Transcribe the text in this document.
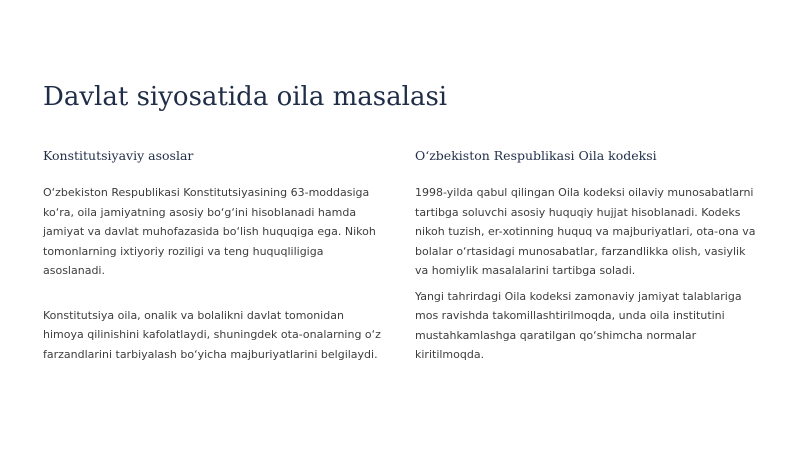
Davlat siyosatida oila masalasi
Konstitutsiyaviy asoslar

O‘zbekiston Respublikasi Konstitutsiyasining 63-moddasiga ko‘ra, oila jamiyatning asosiy bo‘g‘ini hisoblanadi hamda jamiyat va davlat muhofazasida bo‘lish huquqiga ega. Nikoh tomonlarning ixtiyoriy roziligi va teng huquqliligiga asoslanadi.

Konstitutsiya oila, onalik va bolalikni davlat tomonidan himoya qilinishini kafolatlaydi, shuningdek ota-onalarning o‘z farzandlarini tarbiyalash bo‘yicha majburiyatlarini belgilaydi.

O‘zbekiston Respublikasi Oila kodeksi

1998-yilda qabul qilingan Oila kodeksi oilaviy munosabatlarni tartibga soluvchi asosiy huquqiy hujjat hisoblanadi. Kodeks nikoh tuzish, er-xotinning huquq va majburiyatlari, ota-ona va bolalar o‘rtasidagi munosabatlar, farzandlikka olish, vasiylik va homiylik masalalarini tartibga soladi.

Yangi tahrirdagi Oila kodeksi zamonaviy jamiyat talablariga mos ravishda takomillashtirilmoqda, unda oila institutini mustahkamlashga qaratilgan qo‘shimcha normalar kiritilmoqda.
